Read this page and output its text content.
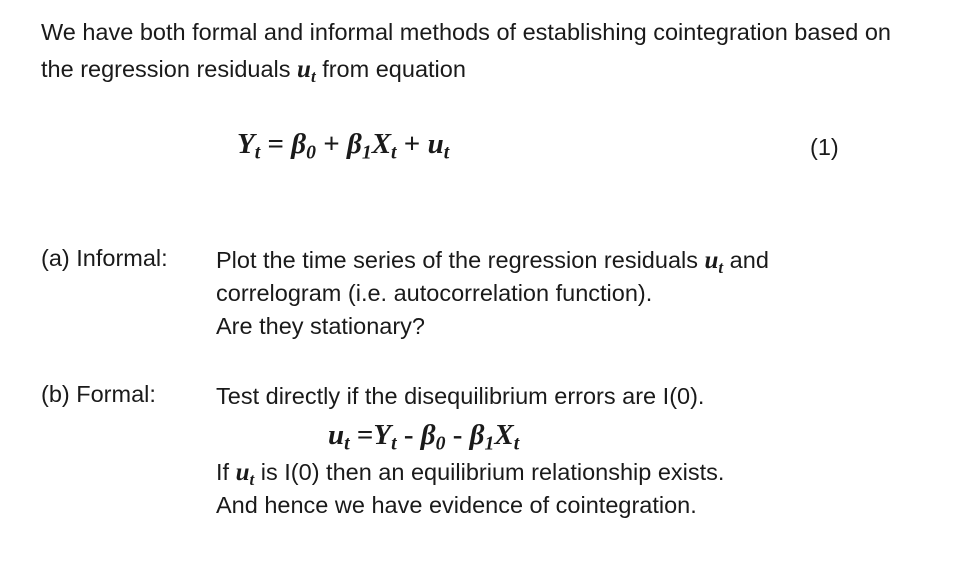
We have both formal and informal methods of establishing cointegration based on the regression residuals $u_t$ from equation

$Y_t = \beta_0 + \beta_1X_t + u_t$	(1)
(a) Informal: Plot the time series of the regression residuals $u_t$ and
correlogram (i.e. autocorrelation function).
Are they stationary?
(b) Formal:	Test directly if the disequilibrium errors are I(0).
$u_t =Y_t - \beta_0 - \beta_1X_t$
If $u_t$ is I(0) then an equilibrium relationship exists.
And hence we have evidence of cointegration.
